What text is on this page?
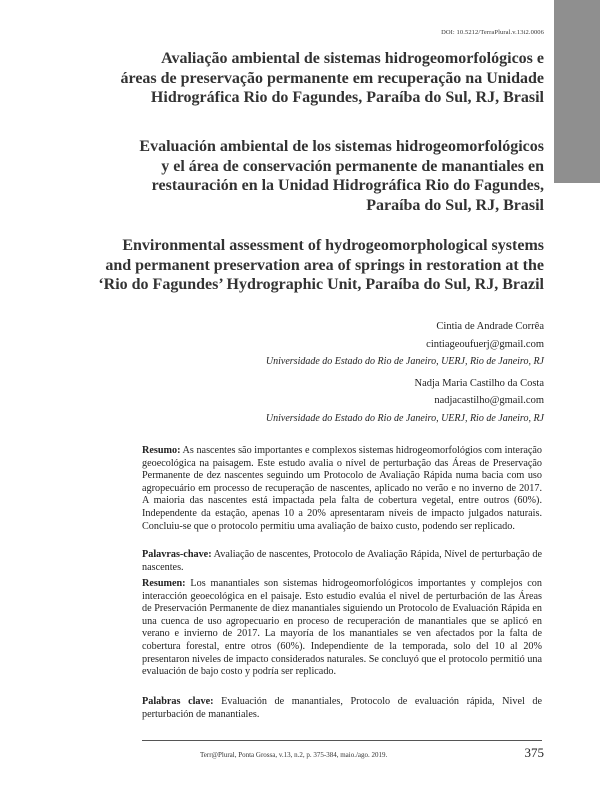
DOI: 10.5212/TerraPlural.v.13i2.0006
Avaliação ambiental de sistemas hidrogeomorfológicos e
áreas de preservação permanente em recuperação na Unidade
Hidrográfica Rio do Fagundes, Paraíba do Sul, RJ, Brasil
Evaluación ambiental de los sistemas hidrogeomorfológicos
y el área de conservación permanente de manantiales en
restauración en la Unidad Hidrográfica Rio do Fagundes,
Paraíba do Sul, RJ, Brasil
Environmental assessment of hydrogeomorphological systems
and permanent preservation area of springs in restoration at the
‘Rio do Fagundes’ Hydrographic Unit, Paraíba do Sul, RJ, Brazil
Cintia de Andrade Corrêa
cintiageoufuerj@gmail.com
Universidade do Estado do Rio de Janeiro, UERJ, Rio de Janeiro, RJ
Nadja Maria Castilho da Costa
nadjacastilho@gmail.com
Universidade do Estado do Rio de Janeiro, UERJ, Rio de Janeiro, RJ
Resumo: As nascentes são importantes e complexos sistemas hidrogeomorfológios com interação geoecológica na paisagem. Este estudo avalia o nível de perturbação das Áreas de Preservação Permanente de dez nascentes seguindo um Protocolo de Avaliação Rápida numa bacia com uso agropecuário em processo de recuperação de nascentes, aplicado no verão e no inverno de 2017. A maioria das nascentes está impactada pela falta de cobertura vegetal, entre outros (60%). Independente da estação, apenas 10 a 20% apresentaram níveis de impacto julgados naturais. Concluiu-se que o protocolo permitiu uma avaliação de baixo custo, podendo ser replicado.
Palavras-chave: Avaliação de nascentes, Protocolo de Avaliação Rápida, Nível de perturbação de nascentes.
Resumen: Los manantiales son sistemas hidrogeomorfológicos importantes y complejos con interacción geoecológica en el paisaje. Esto estudio evalúa el nivel de perturbación de las Áreas de Preservación Permanente de diez manantiales siguiendo un Protocolo de Evaluación Rápida en una cuenca de uso agropecuario en proceso de recuperación de manantiales que se aplicó en verano e invierno de 2017. La mayoría de los manantiales se ven afectados por la falta de cobertura forestal, entre otros (60%). Independiente de la temporada, solo del 10 al 20% presentaron niveles de impacto considerados naturales. Se concluyó que el protocolo permitió una evaluación de bajo costo y podría ser replicado.
Palabras clave: Evaluación de manantiales, Protocolo de evaluación rápida, Nivel de perturbación de manantiales.
Terr@Plural, Ponta Grossa, v.13, n.2, p. 375-384, maio./ago. 2019.	375
